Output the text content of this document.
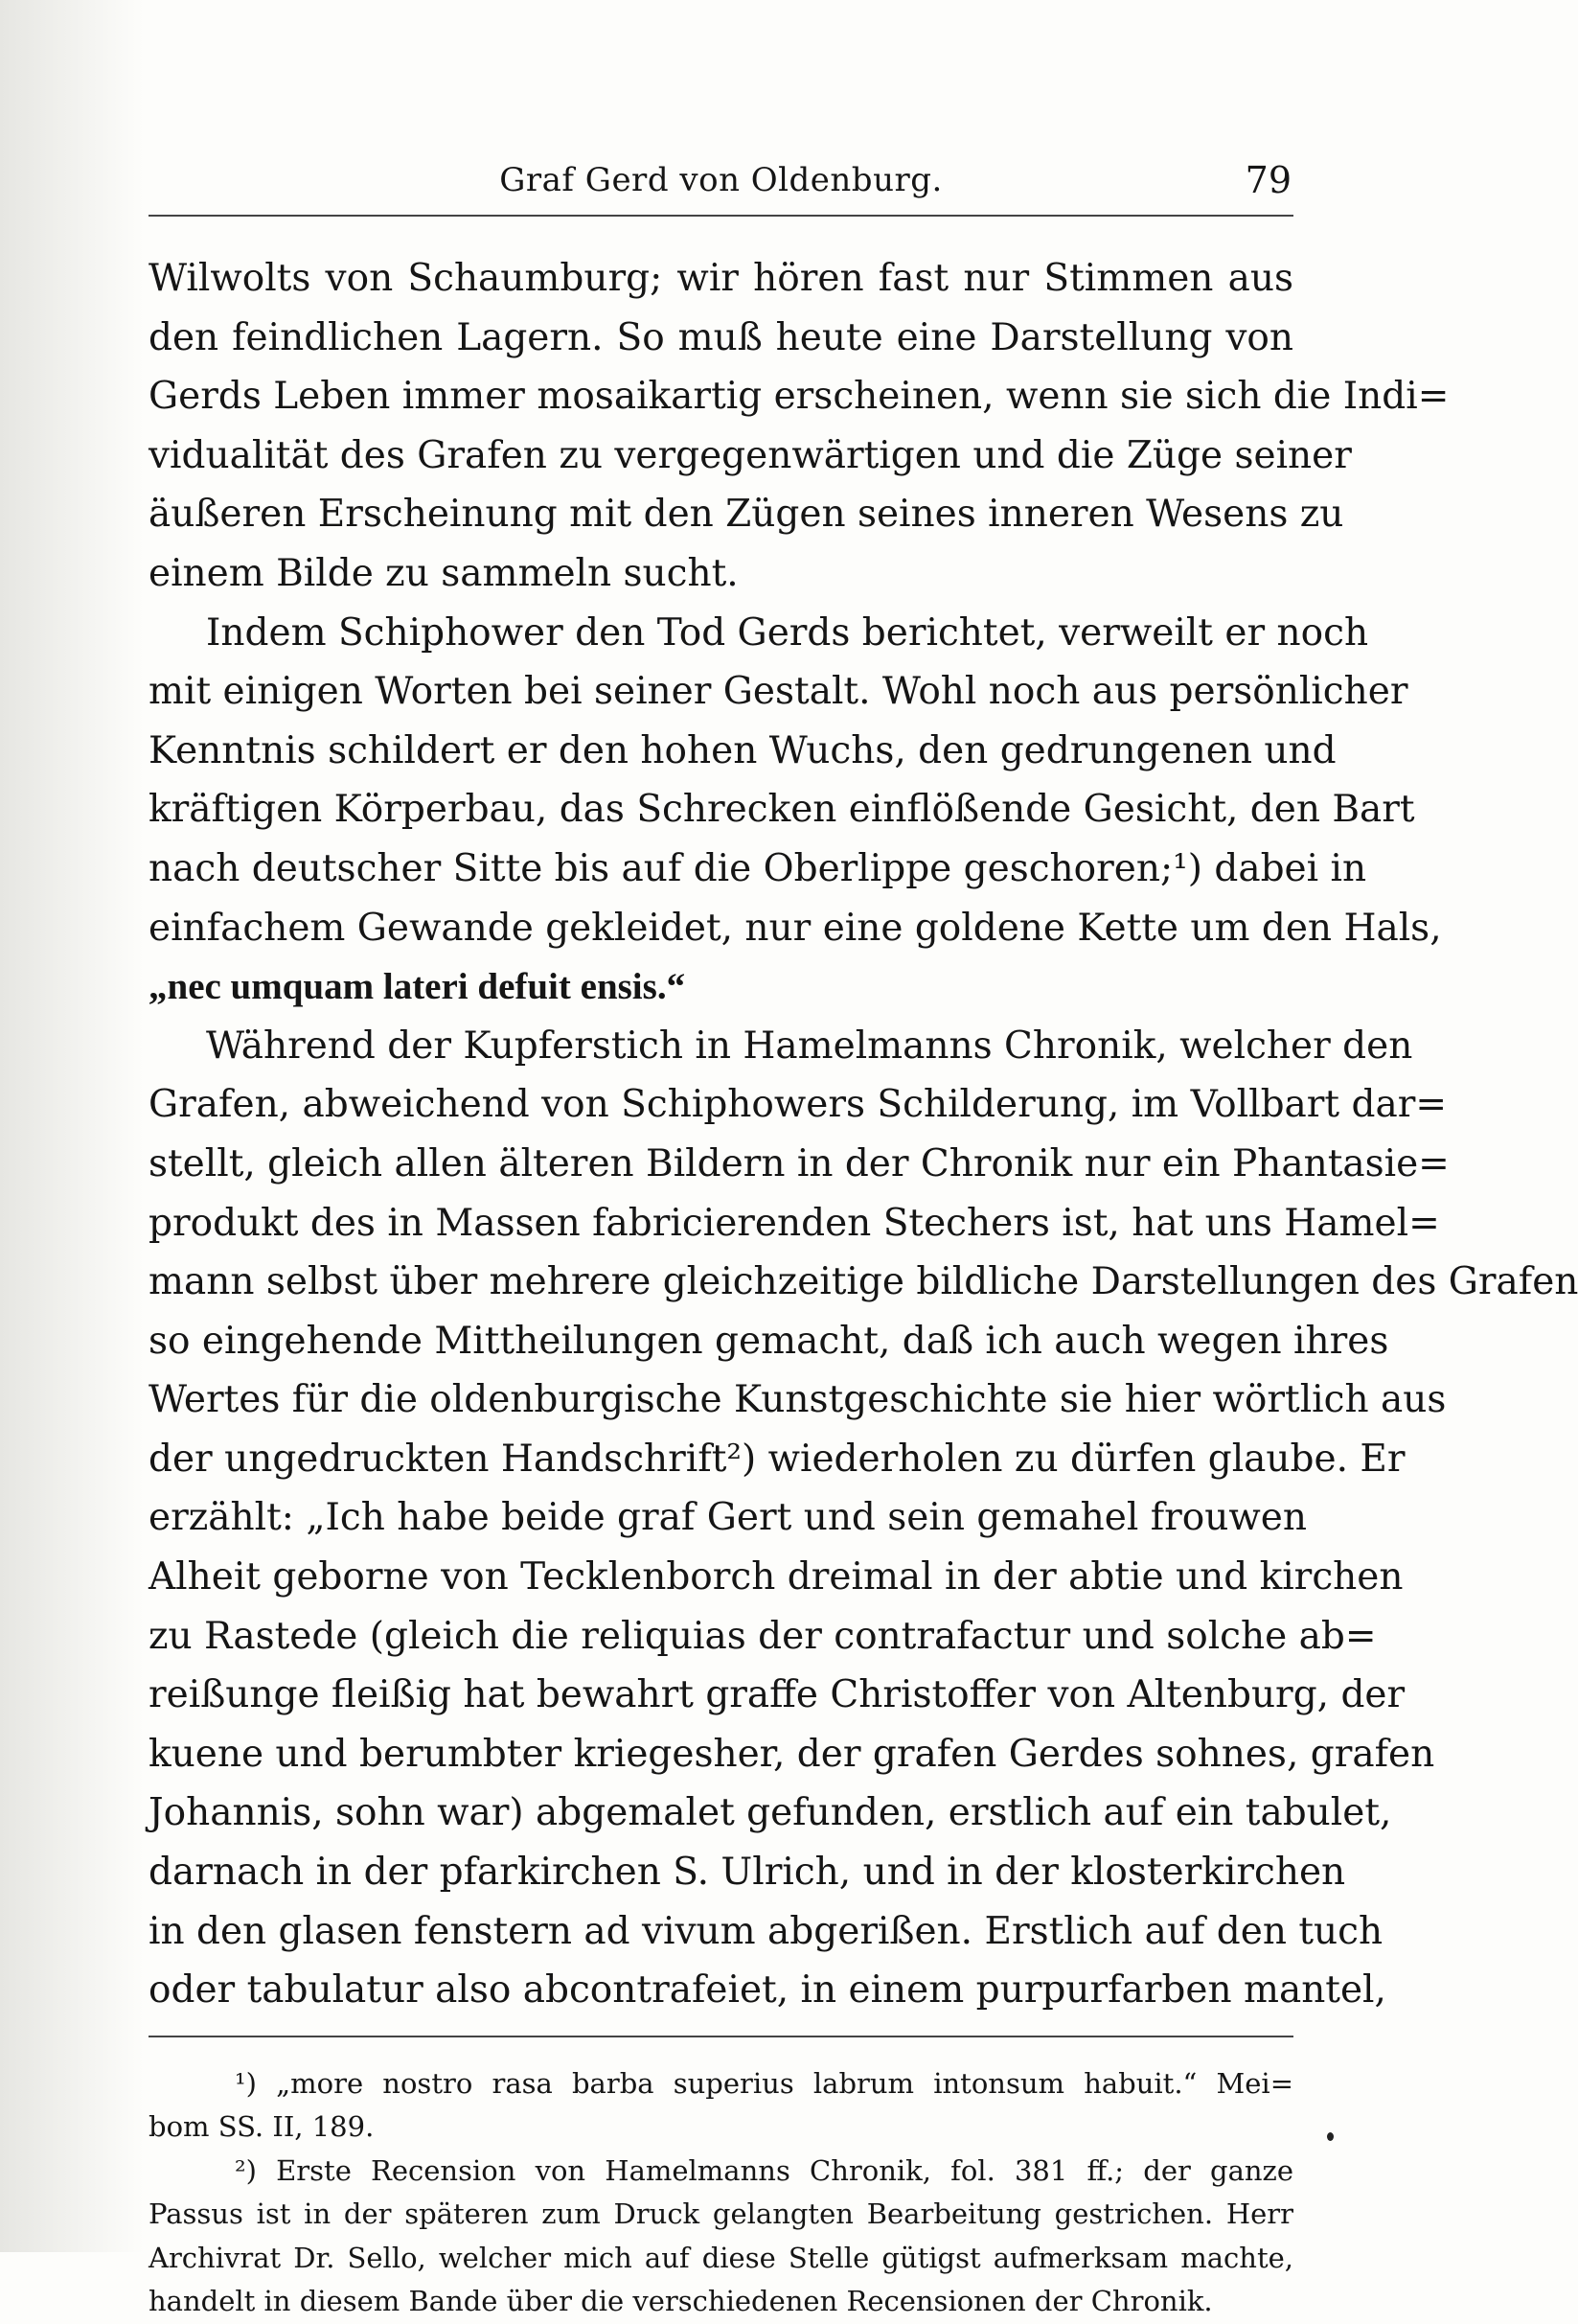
Graf Gerd von Oldenburg.	79
Wilwolts von Schaumburg; wir hören fast nur Stimmen aus
den feindlichen Lagern. So muß heute eine Darstellung von
Gerds Leben immer mosaikartig erscheinen, wenn sie sich die Indi=
vidualität des Grafen zu vergegenwärtigen und die Züge seiner
äußeren Erscheinung mit den Zügen seines inneren Wesens zu
einem Bilde zu sammeln sucht.
Indem Schiphower den Tod Gerds berichtet, verweilt er noch
mit einigen Worten bei seiner Gestalt. Wohl noch aus persönlicher
Kenntnis schildert er den hohen Wuchs, den gedrungenen und
kräftigen Körperbau, das Schrecken einflößende Gesicht, den Bart
nach deutscher Sitte bis auf die Oberlippe geschoren;¹) dabei in
einfachem Gewande gekleidet, nur eine goldene Kette um den Hals,
„nec umquam lateri defuit ensis.“
Während der Kupferstich in Hamelmanns Chronik, welcher den
Grafen, abweichend von Schiphowers Schilderung, im Vollbart dar=
stellt, gleich allen älteren Bildern in der Chronik nur ein Phantasie=
produkt des in Massen fabricierenden Stechers ist, hat uns Hamel=
mann selbst über mehrere gleichzeitige bildliche Darstellungen des Grafen
so eingehende Mittheilungen gemacht, daß ich auch wegen ihres
Wertes für die oldenburgische Kunstgeschichte sie hier wörtlich aus
der ungedruckten Handschrift²) wiederholen zu dürfen glaube. Er
erzählt: „Ich habe beide graf Gert und sein gemahel frouwen
Alheit geborne von Tecklenborch dreimal in der abtie und kirchen
zu Rastede (gleich die reliquias der contrafactur und solche ab=
reißunge fleißig hat bewahrt graffe Christoffer von Altenburg, der
kuene und berumbter kriegesher, der grafen Gerdes sohnes, grafen
Johannis, sohn war) abgemalet gefunden, erstlich auf ein tabulet,
darnach in der pfarkirchen S. Ulrich, und in der klosterkirchen
in den glasen fenstern ad vivum abgerißen. Erstlich auf den tuch
oder tabulatur also abcontrafeiet, in einem purpurfarben mantel,
¹) „more nostro rasa barba superius labrum intonsum habuit.“ Mei=
bom SS. II, 189.
²) Erste Recension von Hamelmanns Chronik, fol. 381 ff.; der ganze
Passus ist in der späteren zum Druck gelangten Bearbeitung gestrichen. Herr
Archivrat Dr. Sello, welcher mich auf diese Stelle gütigst aufmerksam machte,
handelt in diesem Bande über die verschiedenen Recensionen der Chronik.
